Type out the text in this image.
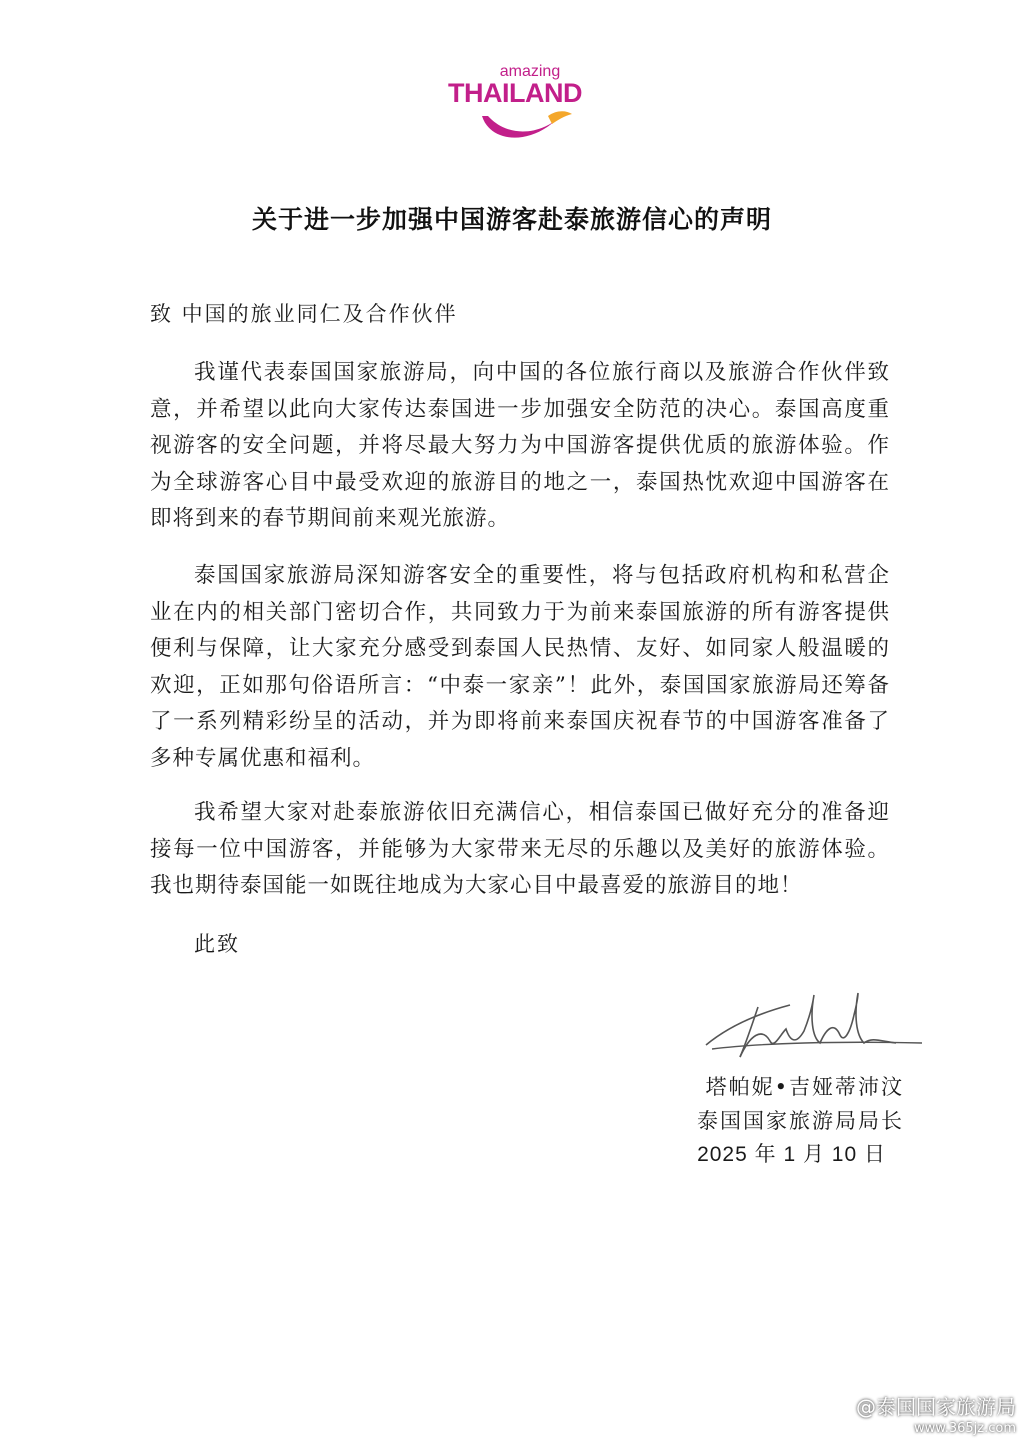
amazing
THAILAND
关于进一步加强中国游客赴泰旅游信心的声明
致 中国的旅业同仁及合作伙伴

我谨代表泰国国家旅游局，向中国的各位旅行商以及旅游合作伙伴致意，并希望以此向大家传达泰国进一步加强安全防范的决心。泰国高度重视游客的安全问题，并将尽最大努力为中国游客提供优质的旅游体验。作为全球游客心目中最受欢迎的旅游目的地之一，泰国热忱欢迎中国游客在即将到来的春节期间前来观光旅游。

泰国国家旅游局深知游客安全的重要性，将与包括政府机构和私营企业在内的相关部门密切合作，共同致力于为前来泰国旅游的所有游客提供便利与保障，让大家充分感受到泰国人民热情、友好、如同家人般温暖的欢迎，正如那句俗语所言：“中泰一家亲”！此外，泰国国家旅游局还筹备了一系列精彩纷呈的活动，并为即将前来泰国庆祝春节的中国游客准备了多种专属优惠和福利。

我希望大家对赴泰旅游依旧充满信心，相信泰国已做好充分的准备迎接每一位中国游客，并能够为大家带来无尽的乐趣以及美好的旅游体验。我也期待泰国能一如既往地成为大家心目中最喜爱的旅游目的地！

此致
塔帕妮•吉娅蒂沛汶
泰国国家旅游局局长
2025 年 1 月 10 日
@泰国国家旅游局
www.365jz.com
